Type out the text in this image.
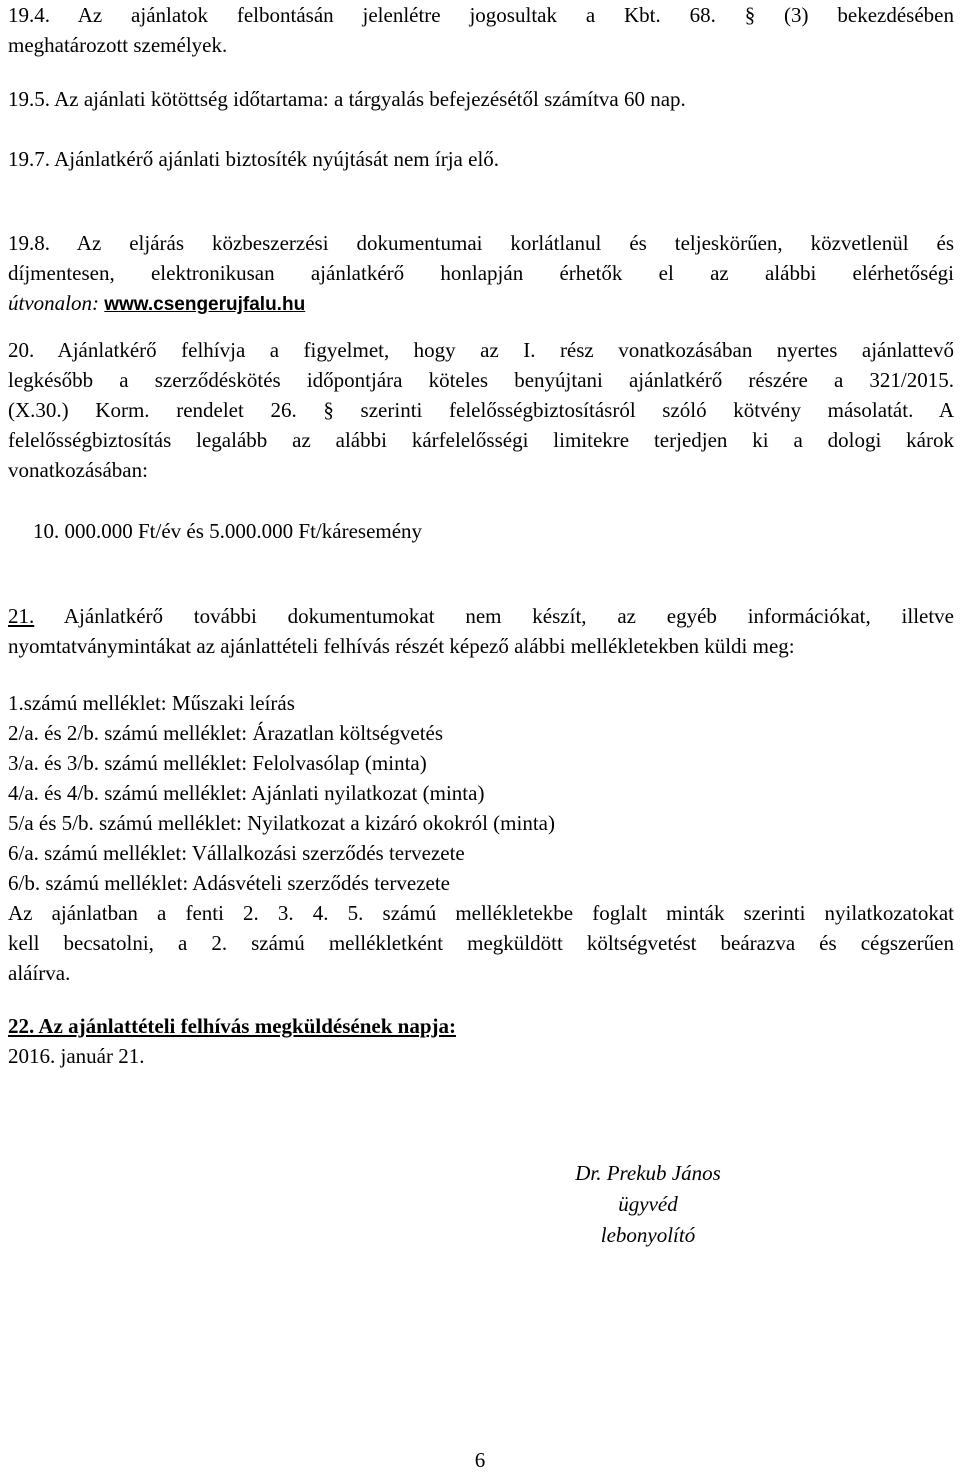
19.4. Az ajánlatok felbontásán jelenlétre jogosultak a Kbt. 68. § (3) bekezdésében
meghatározott személyek.
19.5. Az ajánlati kötöttség időtartama: a tárgyalás befejezésétől számítva 60 nap.
19.7. Ajánlatkérő ajánlati biztosíték nyújtását nem írja elő.
19.8. Az eljárás közbeszerzési dokumentumai korlátlanul és teljeskörűen, közvetlenül és
díjmentesen, elektronikusan ajánlatkérő honlapján érhetők el az alábbi elérhetőségi
útvonalon: www.csengerujfalu.hu
20. Ajánlatkérő felhívja a figyelmet, hogy az I. rész vonatkozásában nyertes ajánlattevő
legkésőbb a szerződéskötés időpontjára köteles benyújtani ajánlatkérő részére a 321/2015.
(X.30.) Korm. rendelet 26. § szerinti felelősségbiztosításról szóló kötvény másolatát. A
felelősségbiztosítás legalább az alábbi kárfelelősségi limitekre terjedjen ki a dologi károk
vonatkozásában:
10. 000.000 Ft/év és 5.000.000 Ft/káresemény
21. Ajánlatkérő további dokumentumokat nem készít, az egyéb információkat, illetve
nyomtatványmintákat az ajánlattételi felhívás részét képező alábbi mellékletekben küldi meg:
1.számú melléklet: Műszaki leírás
2/a. és 2/b. számú melléklet: Árazatlan költségvetés
3/a. és 3/b. számú melléklet: Felolvasólap (minta)
4/a. és 4/b. számú melléklet: Ajánlati nyilatkozat (minta)
5/a és 5/b. számú melléklet: Nyilatkozat a kizáró okokról (minta)
6/a. számú melléklet: Vállalkozási szerződés tervezete
6/b. számú melléklet: Adásvételi szerződés tervezete
Az ajánlatban a fenti 2. 3. 4. 5. számú mellékletekbe foglalt minták szerinti nyilatkozatokat
kell becsatolni, a 2. számú mellékletként megküldött költségvetést beárazva és cégszerűen
aláírva.
22. Az ajánlattételi felhívás megküldésének napja:
2016. január 21.
Dr. Prekub János
ügyvéd
lebonyolító
6
